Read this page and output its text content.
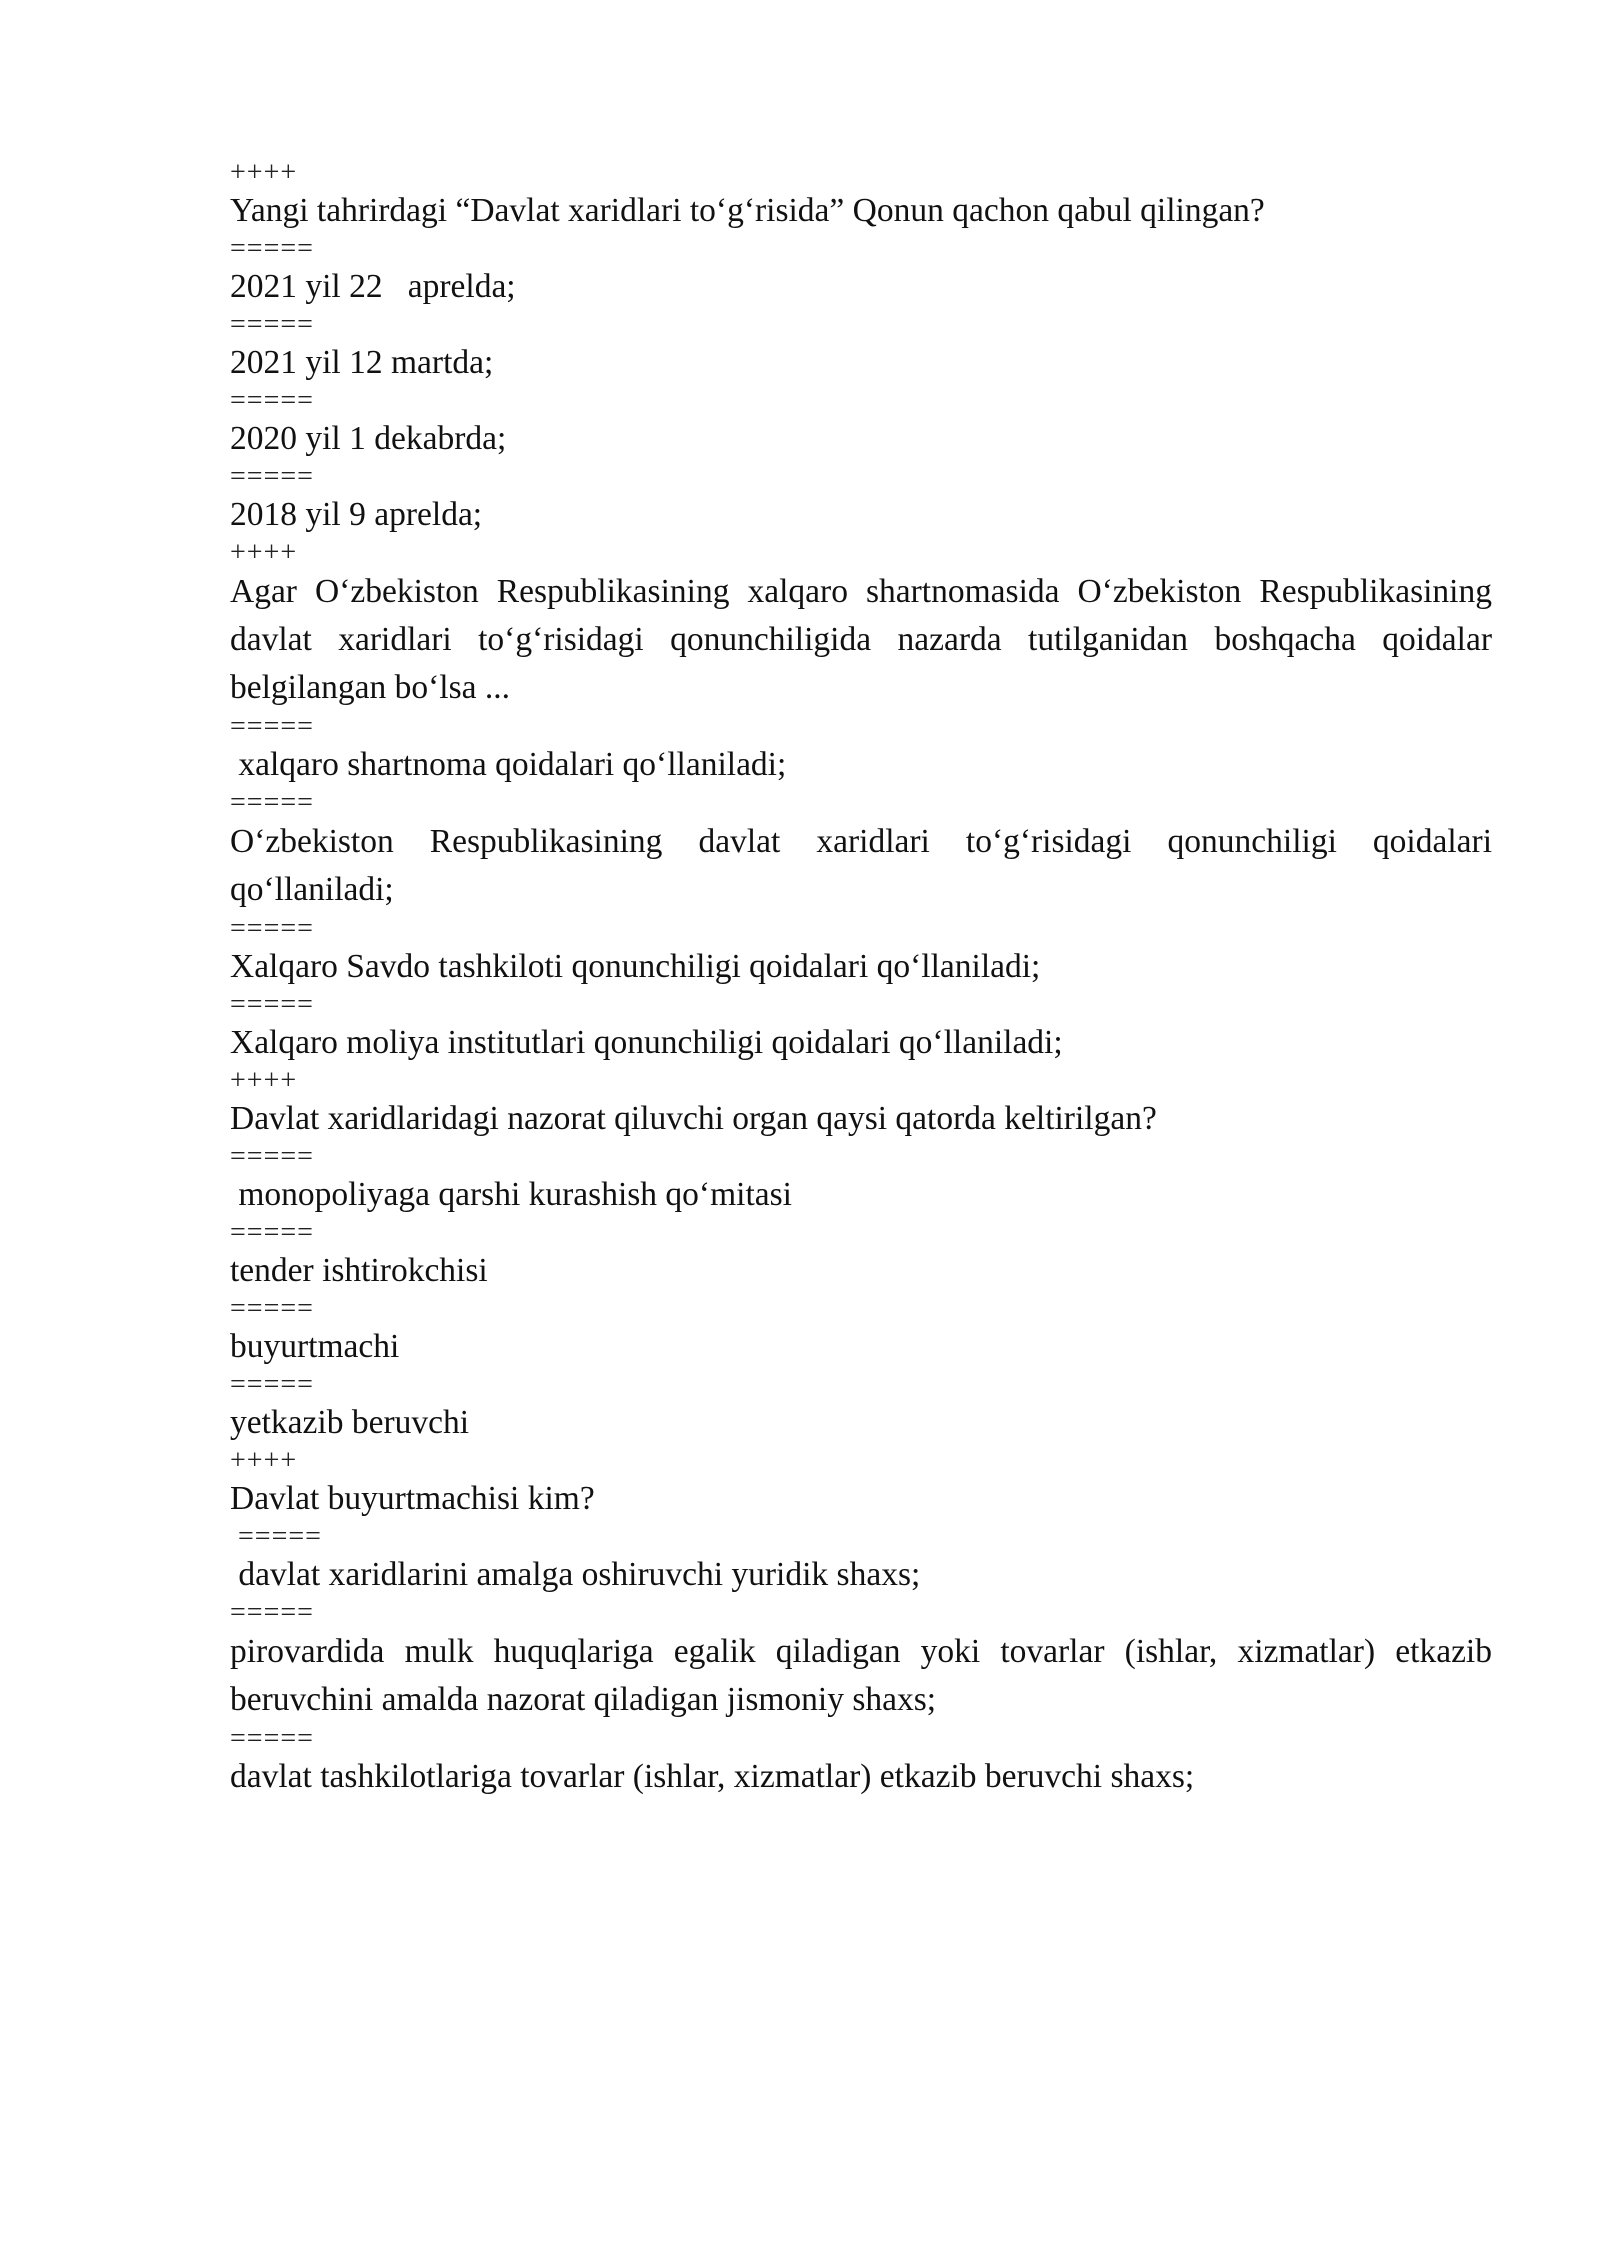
++++
Yangi tahrirdagi “Davlat xaridlari to‘g‘risida” Qonun qachon qabul qilingan?
=====
2021 yil 22   aprelda;
=====
2021 yil 12 martda;
=====
2020 yil 1 dekabrda;
=====
2018 yil 9 aprelda;
++++

Agar O‘zbekiston Respublikasining xalqaro shartnomasida O‘zbekiston Respublikasining davlat xaridlari to‘g‘risidagi qonunchiligida nazarda tutilganidan boshqacha qoidalar belgilangan bo‘lsa ...

=====
xalqaro shartnoma qoidalari qo‘llaniladi;
=====

O‘zbekiston Respublikasining davlat xaridlari to‘g‘risidagi qonunchiligi qoidalari qo‘llaniladi;

=====
Xalqaro Savdo tashkiloti qonunchiligi qoidalari qo‘llaniladi;
=====
Xalqaro moliya institutlari qonunchiligi qoidalari qo‘llaniladi;
++++
Davlat xaridlaridagi nazorat qiluvchi organ qaysi qatorda keltirilgan?
=====
monopoliyaga qarshi kurashish qo‘mitasi
=====
tender ishtirokchisi
=====
buyurtmachi
=====
yetkazib beruvchi
++++
Davlat buyurtmachisi kim?
=====
davlat xaridlarini amalga oshiruvchi yuridik shaxs;
=====

pirovardida mulk huquqlariga egalik qiladigan yoki tovarlar (ishlar, xizmatlar) etkazib beruvchini amalda nazorat qiladigan jismoniy shaxs;

=====
davlat tashkilotlariga tovarlar (ishlar, xizmatlar) etkazib beruvchi shaxs;
